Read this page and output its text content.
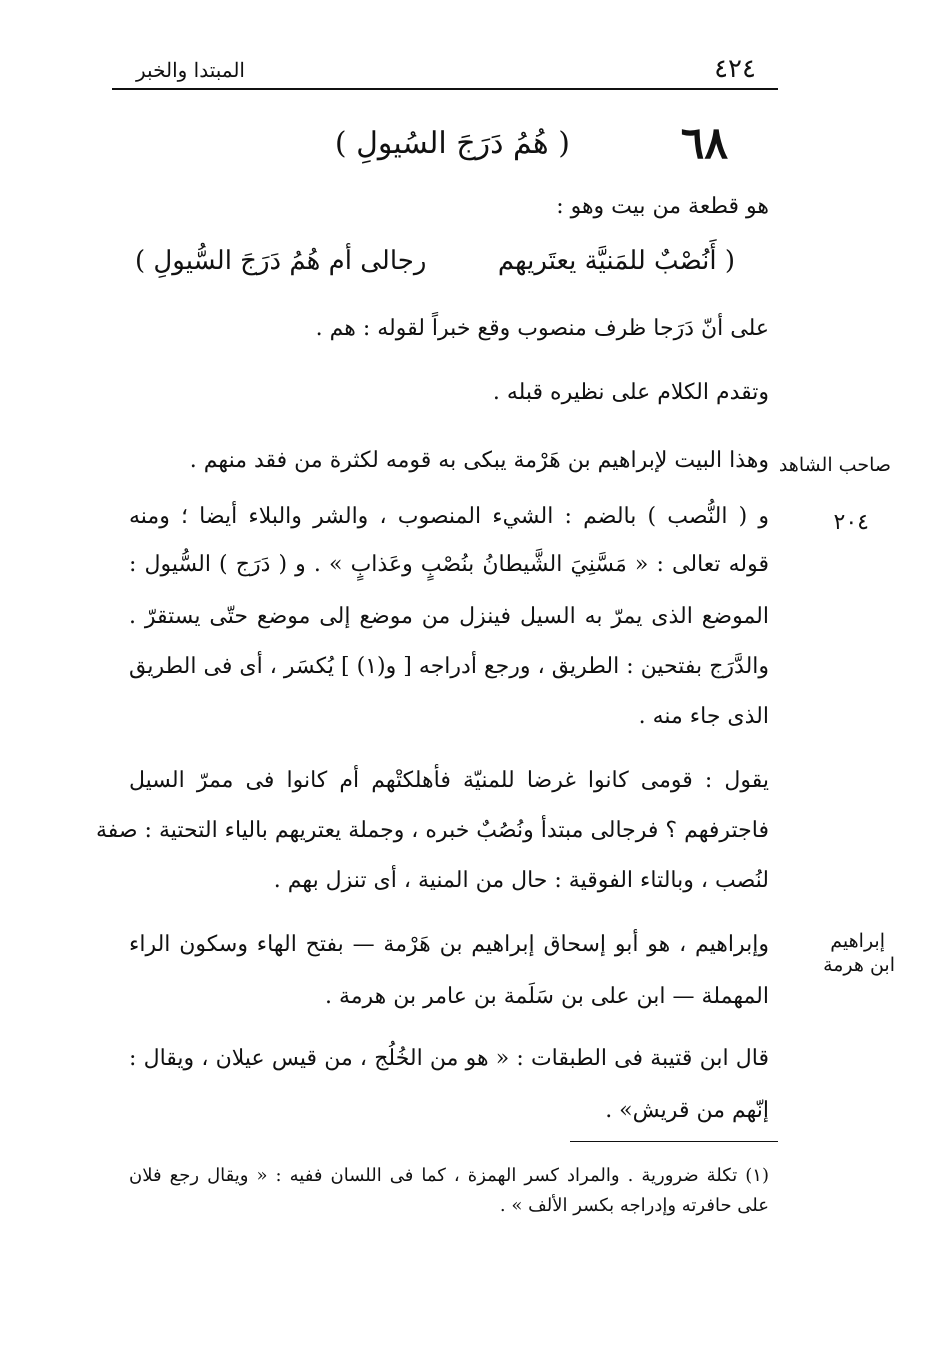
٤٢٤
المبتدا والخبر
٦٨
( هُمُ دَرَجَ السُيولِ )
هو قطعة من بيت وهو :
( أَنُصْبٌ للمَنيَّة يعتَريهم
رجالى أم هُمُ دَرَجَ السُّيولِ )
على أنّ دَرَجا ظرف منصوب وقع خبراً لقوله : هم .
وتقدم الكلام على نظيره قبله .
وهذا البيت لإبراهيم بن هَرْمة يبكى به قومه لكثرة من فقد منهم .
و ( النُّصب ) بالضم : الشيء المنصوب ، والشر والبلاء أيضا ؛ ومنه
قوله تعالى : « مَسَّنِيَ الشَّيطانُ بنُصْبٍ وعَذابٍ » . و ( دَرَج ) السُّيول :
الموضع الذى يمرّ به السيل فينزل من موضع إلى موضع حتّى يستقرّ .
والدَّرَج بفتحين : الطريق ، ورجع أدراجه [ و(١) ] يُكسَر ، أى فى الطريق
الذى جاء منه .
يقول : قومى كانوا غرضا للمنيّة فأهلكتْهم أم كانوا فى ممرّ السيل
فاجترفهم ؟ فرجالى مبتدأ ونُصُبٌ خبره ، وجملة يعتريهم بالياء التحتية : صفة
لنُصب ، وبالتاء الفوقية : حال من المنية ، أى تنزل بهم .
وإبراهيم ، هو أبو إسحاق إبراهيم بن هَرْمة — بفتح الهاء وسكون الراء
المهملة — ابن على بن سَلَمة بن عامر بن هرمة .
قال ابن قتيبة فى الطبقات : « هو من الخُلُج ، من قيس عيلان ، ويقال :
إنّهم من قريش» .
صاحب الشاهد
٢٠٤
إبراهيم
ابن هرمة
(١) تكلة ضرورية . والمراد كسر الهمزة ، كما فى اللسان ففيه : « ويقال رجع فلان
على حافرته وإدراجه بكسر الألف » .
